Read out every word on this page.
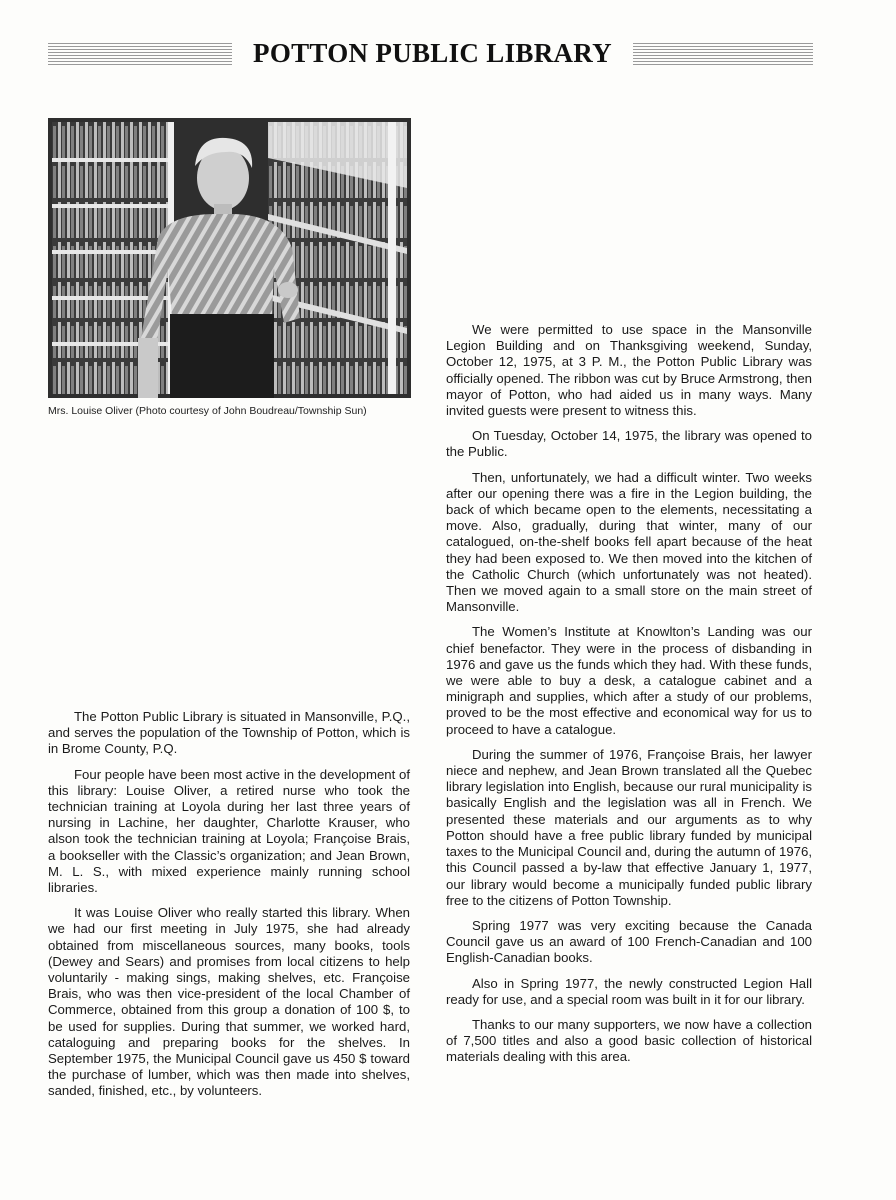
POTTON PUBLIC LIBRARY

Mrs. Louise Oliver (Photo courtesy of John Boudreau/Township Sun)

The Potton Public Library is situated in Mansonville, P.Q., and serves the population of the Township of Potton, which is in Brome County, P.Q.

Four people have been most active in the development of this library: Louise Oliver, a retired nurse who took the technician training at Loyola during her last three years of nursing in Lachine, her daughter, Charlotte Krauser, who alson took the technician training at Loyola; Françoise Brais, a bookseller with the Classic’s organization; and Jean Brown, M. L. S., with mixed experience mainly running school libraries.

It was Louise Oliver who really started this library. When we had our first meeting in July 1975, she had already obtained from miscellaneous sources, many books, tools (Dewey and Sears) and promises from local citizens to help voluntarily - making sings, making shelves, etc. Françoise Brais, who was then vice-president of the local Chamber of Commerce, obtained from this group a donation of 100 $, to be used for supplies. During that summer, we worked hard, cataloguing and preparing books for the shelves. In September 1975, the Municipal Council gave us 450 $ toward the purchase of lumber, which was then made into shelves, sanded, finished, etc., by volunteers.

We were permitted to use space in the Mansonville Legion Building and on Thanksgiving weekend, Sunday, October 12, 1975, at 3 P. M., the Potton Public Library was officially opened. The ribbon was cut by Bruce Armstrong, then mayor of Potton, who had aided us in many ways. Many invited guests were present to witness this.

On Tuesday, October 14, 1975, the library was opened to the Public.

Then, unfortunately, we had a difficult winter. Two weeks after our opening there was a fire in the Legion building, the back of which became open to the elements, necessitating a move. Also, gradually, during that winter, many of our catalogued, on-the-shelf books fell apart because of the heat they had been exposed to. We then moved into the kitchen of the Catholic Church (which unfortunately was not heated). Then we moved again to a small store on the main street of Mansonville.

The Women’s Institute at Knowlton’s Landing was our chief benefactor. They were in the process of disbanding in 1976 and gave us the funds which they had. With these funds, we were able to buy a desk, a catalogue cabinet and a minigraph and supplies, which after a study of our problems, proved to be the most effective and economical way for us to proceed to have a catalogue.

During the summer of 1976, Françoise Brais, her lawyer niece and nephew, and Jean Brown translated all the Quebec library legislation into English, because our rural municipality is basically English and the legislation was all in French. We presented these materials and our arguments as to why Potton should have a free public library funded by municipal taxes to the Municipal Council and, during the autumn of 1976, this Council passed a by-law that effective January 1, 1977, our library would become a municipally funded public library free to the citizens of Potton Township.

Spring 1977 was very exciting because the Canada Council gave us an award of 100 French-Canadian and 100 English-Canadian books.

Also in Spring 1977, the newly constructed Legion Hall ready for use, and a special room was built in it for our library.

Thanks to our many supporters, we now have a collection of 7,500 titles and also a good basic collection of historical materials dealing with this area.
